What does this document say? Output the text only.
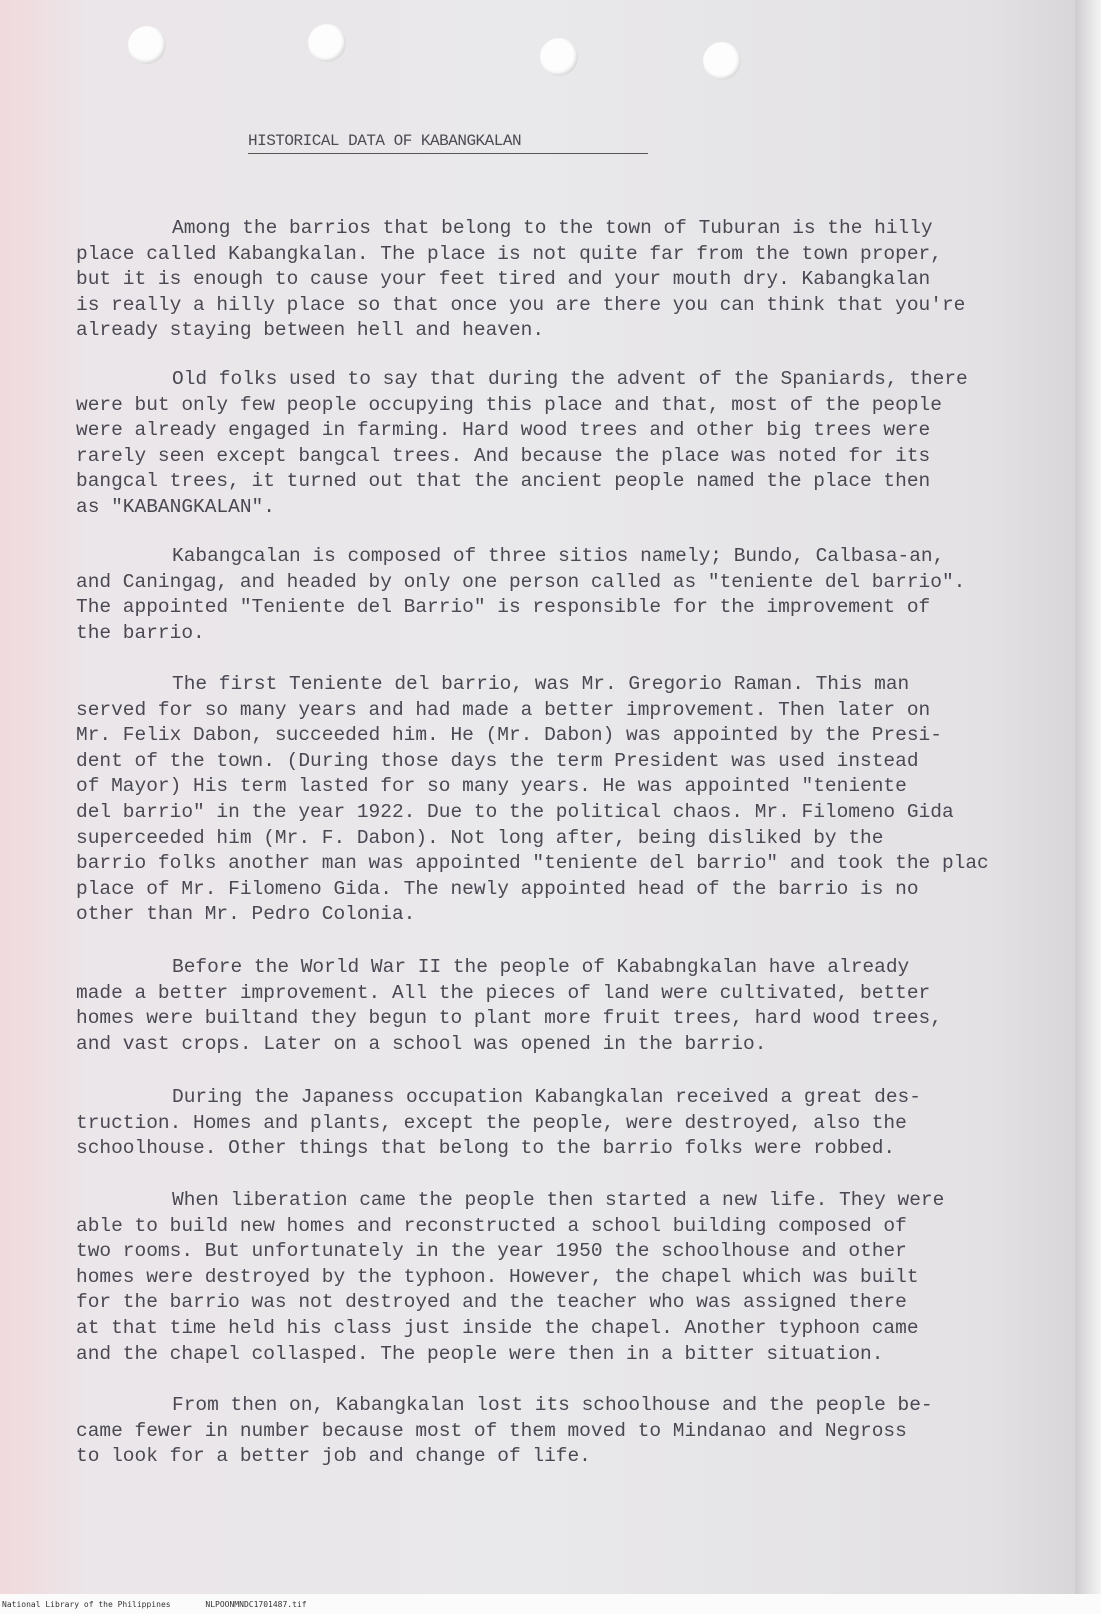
HISTORICAL DATA OF KABANGKALAN
Among the barrios that belong to the town of Tuburan is the hilly
place called Kabangkalan. The place is not quite far from the town proper,
but it is enough to cause your feet tired and your mouth dry. Kabangkalan
is really a hilly place so that once you are there you can think that you're
already staying between hell and heaven.
Old folks used to say that during the advent of the Spaniards, there
were but only few people occupying this place and that, most of the people
were already engaged in farming. Hard wood trees and other big trees were
rarely seen except bangcal trees. And because the place was noted for its
bangcal trees, it turned out that the ancient people named the place then
as "KABANGKALAN".
Kabangcalan is composed of three sitios namely; Bundo, Calbasa-an,
and Caningag, and headed by only one person called as "teniente del barrio".
The appointed "Teniente del Barrio" is responsible for the improvement of
the barrio.
The first Teniente del barrio, was Mr. Gregorio Raman. This man
served for so many years and had made a better improvement. Then later on
Mr. Felix Dabon, succeeded him. He (Mr. Dabon) was appointed by the Presi-
dent of the town. (During those days the term President was used instead
of Mayor) His term lasted for so many years. He was appointed "teniente
del barrio" in the year 1922. Due to the political chaos. Mr. Filomeno Gida
superceeded him (Mr. F. Dabon). Not long after, being disliked by the
barrio folks another man was appointed "teniente del barrio" and took the plac
place of Mr. Filomeno Gida. The newly appointed head of the barrio is no
other than Mr. Pedro Colonia.
Before the World War II the people of Kababngkalan have already
made a better improvement. All the pieces of land were cultivated, better
homes were builtand they begun to plant more fruit trees, hard wood trees,
and vast crops. Later on a school was opened in the barrio.
During the Japaness occupation Kabangkalan received a great des-
truction. Homes and plants, except the people, were destroyed, also the
schoolhouse. Other things that belong to the barrio folks were robbed.
When liberation came the people then started a new life. They were
able to build new homes and reconstructed a school building composed of
two rooms. But unfortunately in the year 1950 the schoolhouse and other
homes were destroyed by the typhoon. However, the chapel which was built
for the barrio was not destroyed and the teacher who was assigned there
at that time held his class just inside the chapel. Another typhoon came
and the chapel collasped. The people were then in a bitter situation.
From then on, Kabangkalan lost its schoolhouse and the people be-
came fewer in number because most of them moved to Mindanao and Negross
to look for a better job and change of life.
National Library of the Philippines	NLPOONMNDC1701487.tif
